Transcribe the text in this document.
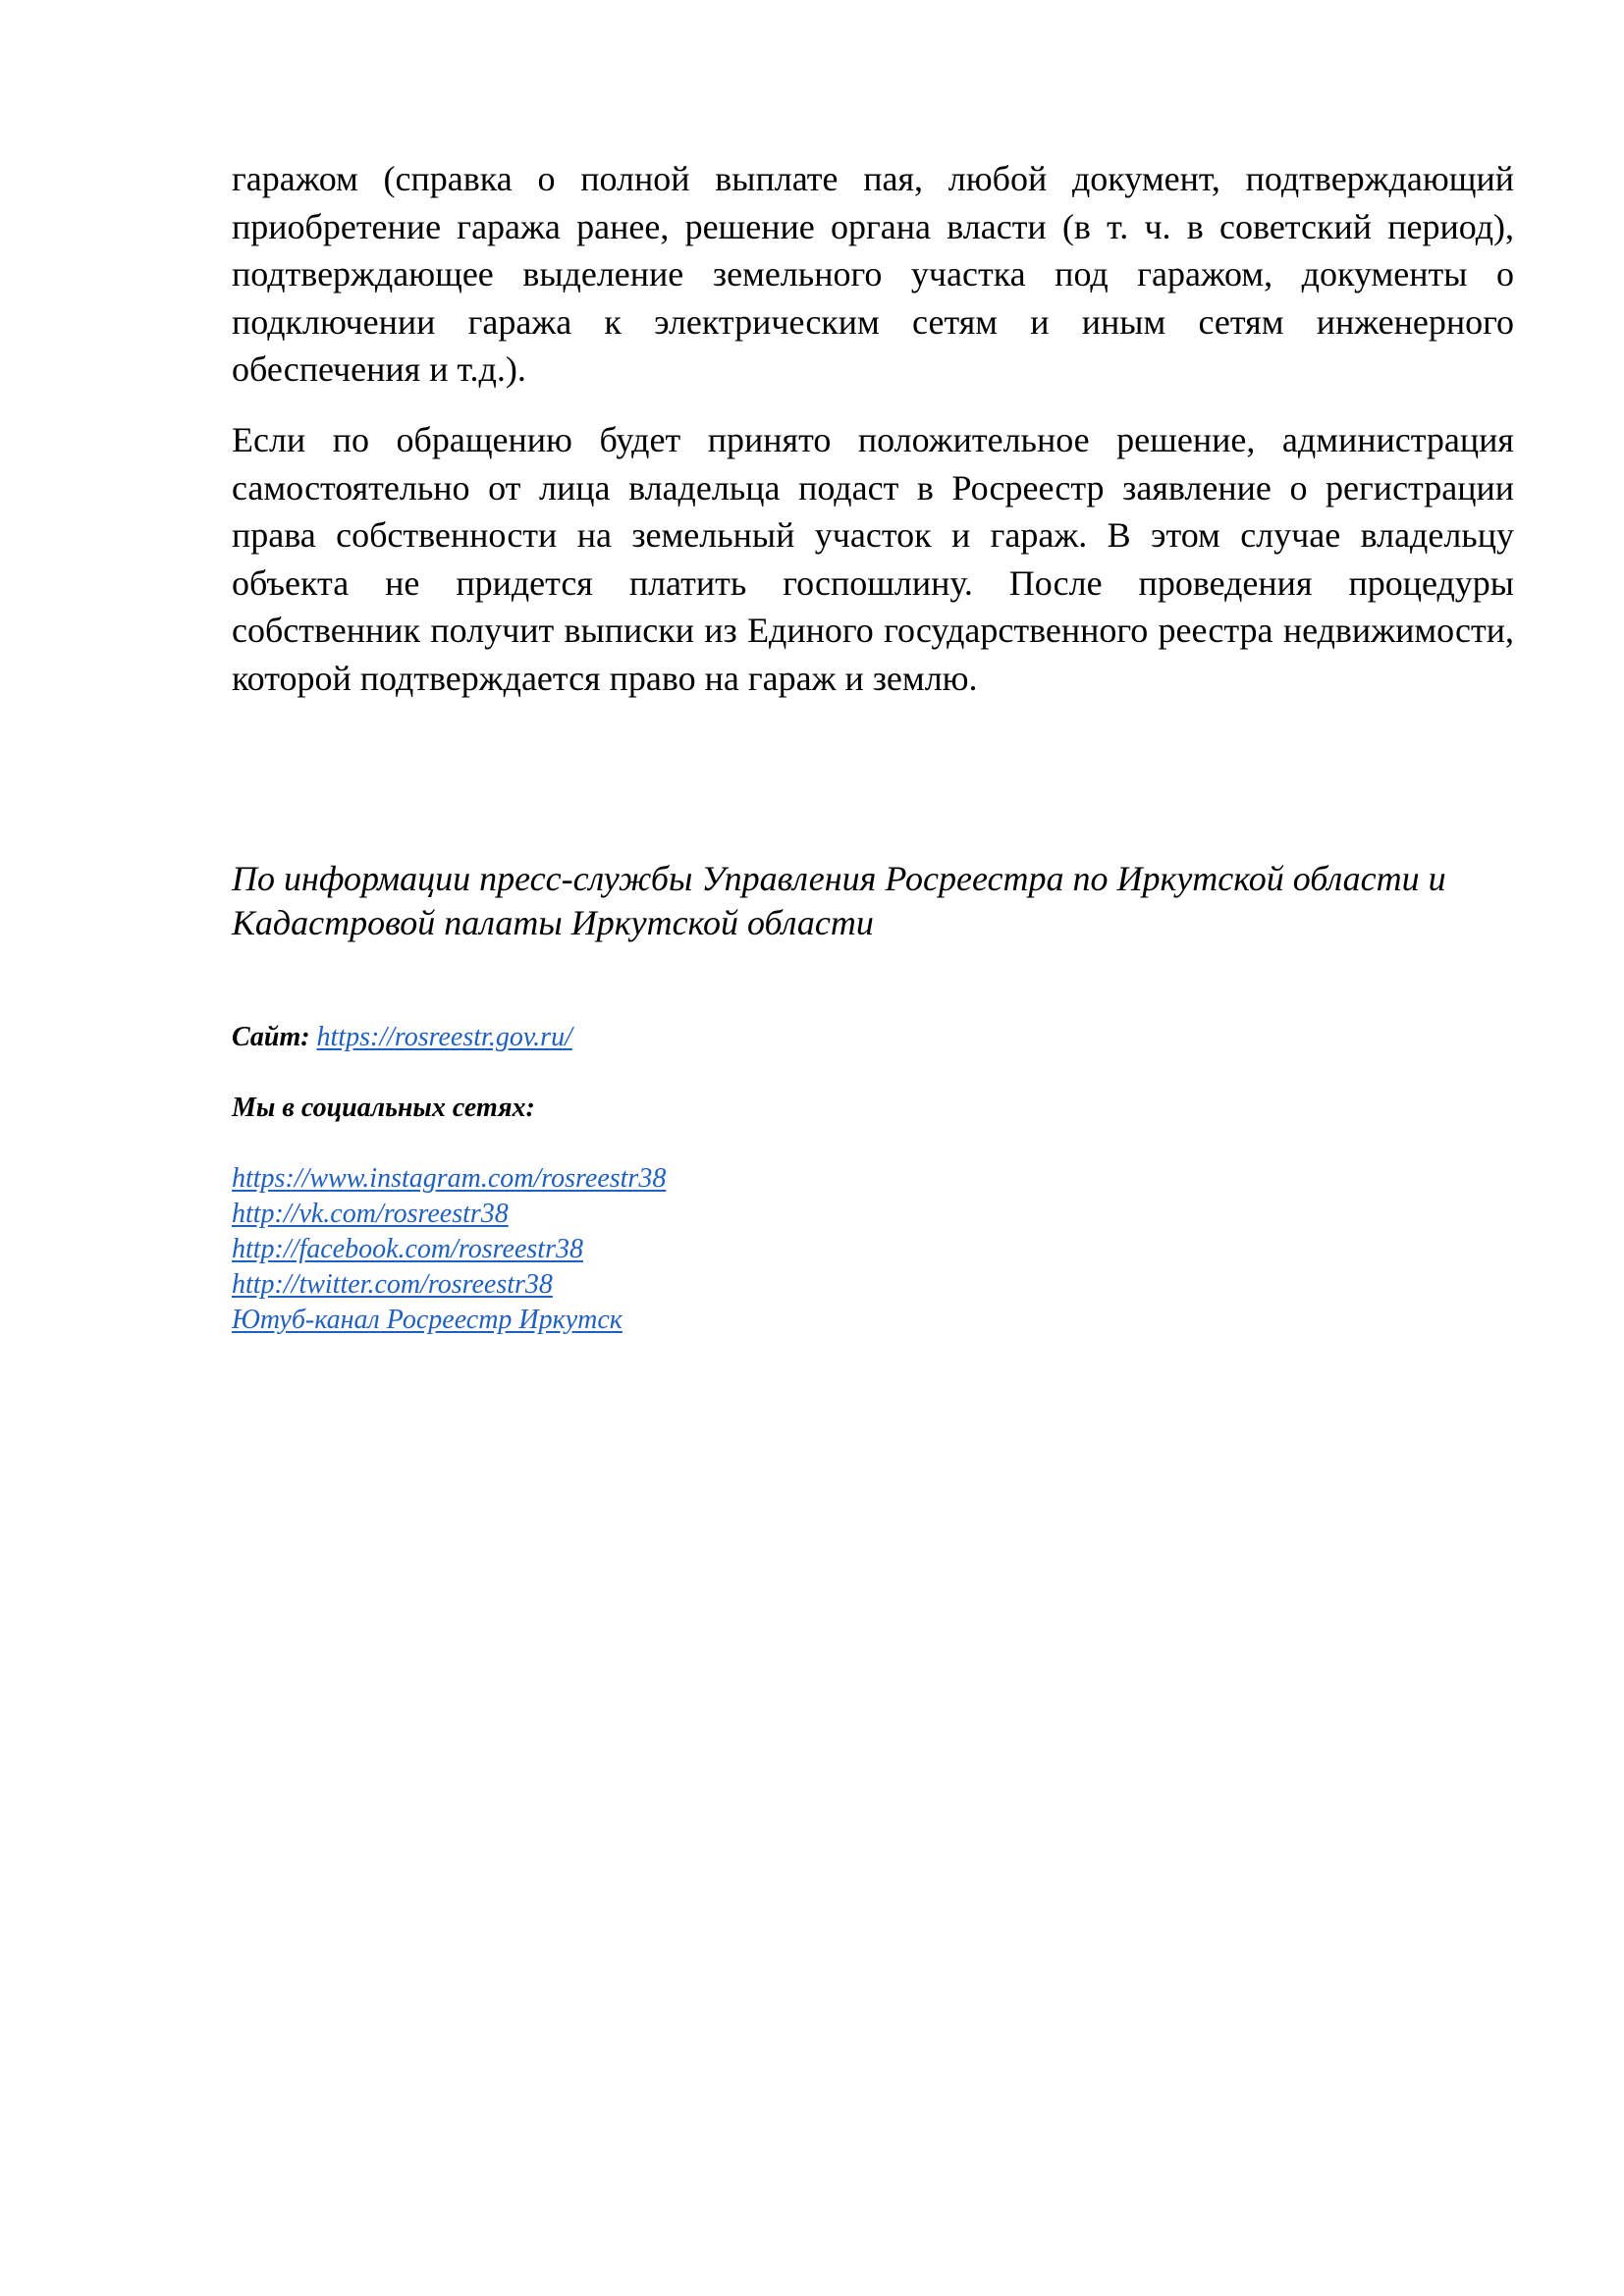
гаражом (справка о полной выплате пая, любой документ, подтверждающий приобретение гаража ранее, решение органа власти (в т. ч. в советский период), подтверждающее выделение земельного участка под гаражом, документы о подключении гаража к электрическим сетям и иным сетям инженерного обеспечения и т.д.).

Если по обращению будет принято положительное решение, администрация самостоятельно от лица владельца подаст в Росреестр заявление о регистрации права собственности на земельный участок и гараж. В этом случае владельцу объекта не придется платить госпошлину. После проведения процедуры собственник получит выписки из Единого государственного реестра недвижимости, которой подтверждается право на гараж и землю.

По информации пресс-службы Управления Росреестра по Иркутской области и Кадастровой палаты Иркутской области

Сайт: https://rosreestr.gov.ru/

Мы в социальных сетях:

https://www.instagram.com/rosreestr38
http://vk.com/rosreestr38
http://facebook.com/rosreestr38
http://twitter.com/rosreestr38
Ютуб-канал Росреестр Иркутск
